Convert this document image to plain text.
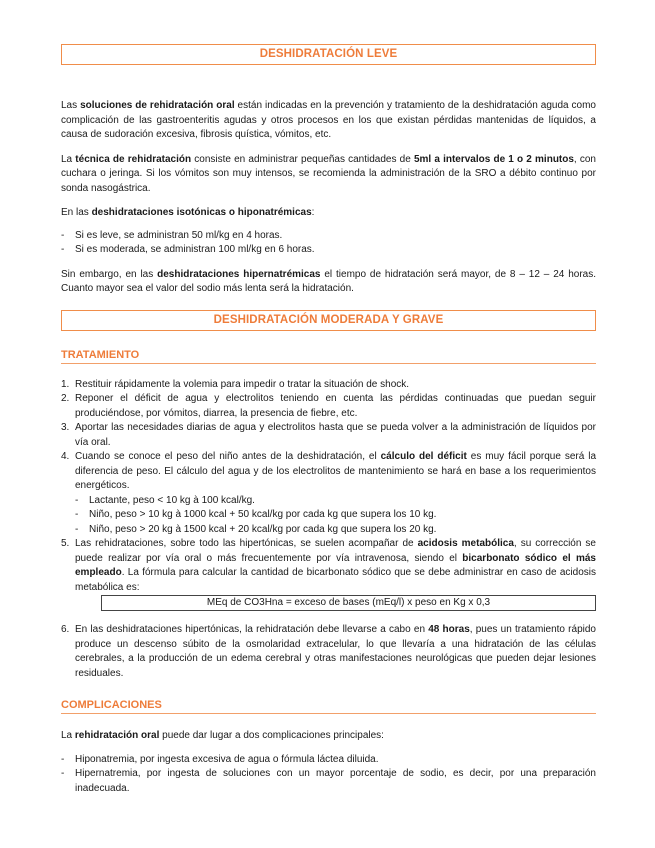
DESHIDRATACIÓN LEVE

Las soluciones de rehidratación oral están indicadas en la prevención y tratamiento de la deshidratación aguda como complicación de las gastroenteritis agudas y otros procesos en los que existan pérdidas mantenidas de líquidos, a causa de sudoración excesiva, fibrosis quística, vómitos, etc.

La técnica de rehidratación consiste en administrar pequeñas cantidades de 5ml a intervalos de 1 o 2 minutos, con cuchara o jeringa. Si los vómitos son muy intensos, se recomienda la administración de la SRO a débito continuo por sonda nasogástrica.

En las deshidrataciones isotónicas o hiponatrémicas:

- Si es leve, se administran 50 ml/kg en 4 horas.
- Si es moderada, se administran 100 ml/kg en 6 horas.

Sin embargo, en las deshidrataciones hipernatrémicas el tiempo de hidratación será mayor, de 8 – 12 – 24 horas. Cuanto mayor sea el valor del sodio más lenta será la hidratación.

DESHIDRATACIÓN MODERADA Y GRAVE
TRATAMIENTO
1. Restituir rápidamente la volemia para impedir o tratar la situación de shock.
2. Reponer el déficit de agua y electrolitos teniendo en cuenta las pérdidas continuadas que puedan seguir produciéndose, por vómitos, diarrea, la presencia de fiebre, etc.
3. Aportar las necesidades diarias de agua y electrolitos hasta que se pueda volver a la administración de líquidos por vía oral.
4. Cuando se conoce el peso del niño antes de la deshidratación, el cálculo del déficit es muy fácil porque será la diferencia de peso. El cálculo del agua y de los electrolitos de mantenimiento se hará en base a los requerimientos energéticos.
- Lactante, peso < 10 kg à 100 kcal/kg.
- Niño, peso > 10 kg à 1000 kcal + 50 kcal/kg por cada kg que supera los 10 kg.
- Niño, peso > 20 kg à 1500 kcal + 20 kcal/kg por cada kg que supera los 20 kg.
5. Las rehidrataciones, sobre todo las hipertónicas, se suelen acompañar de acidosis metabólica, su corrección se puede realizar por vía oral o más frecuentemente por vía intravenosa, siendo el bicarbonato sódico el más empleado. La fórmula para calcular la cantidad de bicarbonato sódico que se debe administrar en caso de acidosis metabólica es:
MEq de CO3Hna = exceso de bases (mEq/l) x peso en Kg x 0,3
6. En las deshidrataciones hipertónicas, la rehidratación debe llevarse a cabo en 48 horas, pues un tratamiento rápido produce un descenso súbito de la osmolaridad extracelular, lo que llevaría a una hidratación de las células cerebrales, a la producción de un edema cerebral y otras manifestaciones neurológicas que pueden dejar lesiones residuales.
COMPLICACIONES

La rehidratación oral puede dar lugar a dos complicaciones principales:

- Hiponatremia, por ingesta excesiva de agua o fórmula láctea diluida.
- Hipernatremia, por ingesta de soluciones con un mayor porcentaje de sodio, es decir, por una preparación inadecuada.
